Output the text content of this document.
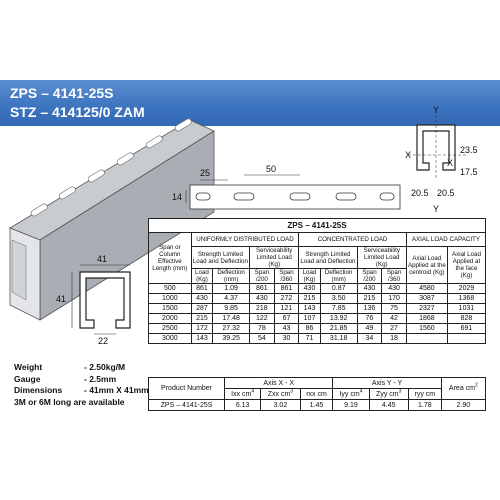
ZPS – 4141-25S
STZ – 414125/0 ZAM
50
25
14
23.5
17.5
20.5 20.5
X
X
Y
Y
41
41
22
Weight	- 2.50kg/M
Gauge	- 2.5mm
Dimensions	- 41mm X 41mm
3M or 6M long are available
ZPS – 4141-25S										
Span or Column Effective Length (mm)	UNIFORMLY DISTRIBUTED LOAD				CONCENTRATED LOAD				AXIAL LOAD CAPACITY	
	Strength Limited Load and Deflection		Serviceability Limited Load (Kg)		Strength Limited Load and Deflection		Serviceability Limited Load (Kg)		Axial Load Applied at the centroid (Kg)	Axial Load Applied at the face (Kg)
	Load (Kg)	Deflection (mm)	Span /200	Span /360	Load (Kg)	Deflection (mm)	Span /200	Span /360		
500	861	1.09	861	861	430	0.87	430	430	4580	2029
1000	430	4.37	430	272	215	3.50	215	170	3087	1368
1500	287	9.85	218	121	143	7.85	136	75	2327	1031
2000	215	17.48	122	67	107	13.92	76	42	1868	828
2500	172	27.32	78	43	86	21.85	49	27	1560	691
3000	143	39.25	54	30	71	31.18	34	18		
Product Number	Axis X - X			Axis Y - Y			Area $cm^2$
	Ixx $cm^4$	Zxx $cm^3$	rxx cm	Iyy $cm^4$	Zyy $cm^3$	ryy cm	
ZPS – 4141-25S	6.13	3.02	1.45	9.19	4.45	1.78	2.90
